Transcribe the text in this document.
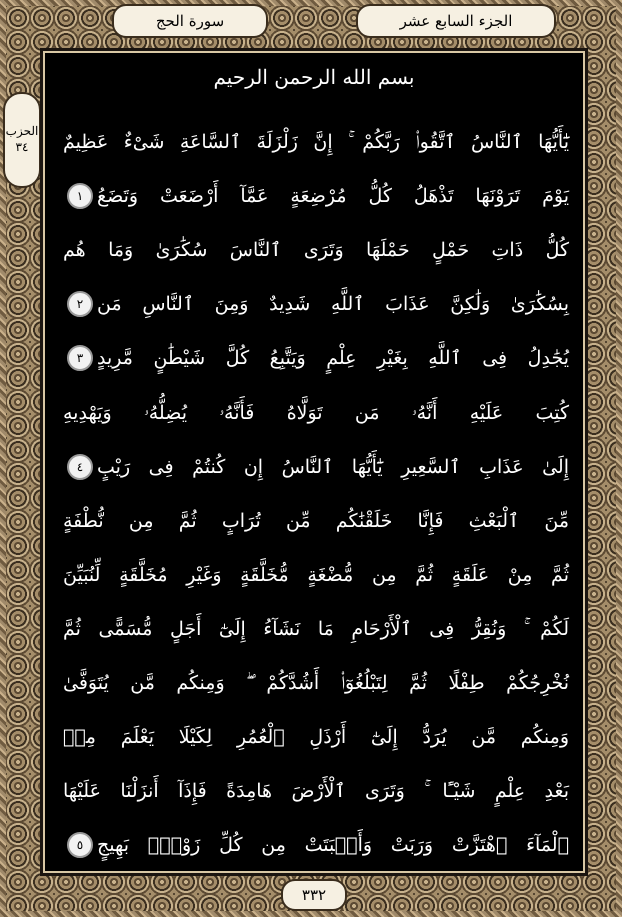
الجزء السابع عشر
سورة الحج
الحزب
٣٤
بسم الله الرحمن الرحيم
يَٰٓأَيُّهَا ٱلنَّاسُ ٱتَّقُوا۟ رَبَّكُمْ ۚ إِنَّ زَلْزَلَةَ ٱلسَّاعَةِ شَىْءٌ عَظِيمٌ
يَوْمَ تَرَوْنَهَا تَذْهَلُ كُلُّ مُرْضِعَةٍ عَمَّآ أَرْضَعَتْ وَتَضَعُ
١
كُلُّ ذَاتِ حَمْلٍ حَمْلَهَا وَتَرَى ٱلنَّاسَ سُكَٰرَىٰ وَمَا هُم
بِسُكَٰرَىٰ وَلَٰكِنَّ عَذَابَ ٱللَّهِ شَدِيدٌ وَمِنَ ٱلنَّاسِ مَن
٢
يُجَٰدِلُ فِى ٱللَّهِ بِغَيْرِ عِلْمٍ وَيَتَّبِعُ كُلَّ شَيْطَٰنٍ مَّرِيدٍ
٣
كُتِبَ عَلَيْهِ أَنَّهُۥ مَن تَوَلَّاهُ فَأَنَّهُۥ يُضِلُّهُۥ وَيَهْدِيهِ
إِلَىٰ عَذَابِ ٱلسَّعِيرِ يَٰٓأَيُّهَا ٱلنَّاسُ إِن كُنتُمْ فِى رَيْبٍ
٤
مِّنَ ٱلْبَعْثِ فَإِنَّا خَلَقْنَٰكُم مِّن تُرَابٍ ثُمَّ مِن نُّطْفَةٍ
ثُمَّ مِنْ عَلَقَةٍ ثُمَّ مِن مُّضْغَةٍ مُّخَلَّقَةٍ وَغَيْرِ مُخَلَّقَةٍ لِّنُبَيِّنَ
لَكُمْ ۚ وَنُقِرُّ فِى ٱلْأَرْحَامِ مَا نَشَآءُ إِلَىٰٓ أَجَلٍ مُّسَمًّى ثُمَّ
نُخْرِجُكُمْ طِفْلًا ثُمَّ لِتَبْلُغُوٓا۟ أَشُدَّكُمْ ۖ وَمِنكُم مَّن يُتَوَفَّىٰ
وَمِنكُم مَّن يُرَدُّ إِلَىٰٓ أَرْذَلِ ٱلْعُمُرِ لِكَيْلَا يَعْلَمَ مِنۢ
بَعْدِ عِلْمٍ شَيْـًٔا ۚ وَتَرَى ٱلْأَرْضَ هَامِدَةً فَإِذَآ أَنزَلْنَا عَلَيْهَا
ٱلْمَآءَ ٱهْتَزَّتْ وَرَبَتْ وَأَنۢبَتَتْ مِن كُلِّ زَوْجٍۭ بَهِيجٍ
٥
٣٣٢
